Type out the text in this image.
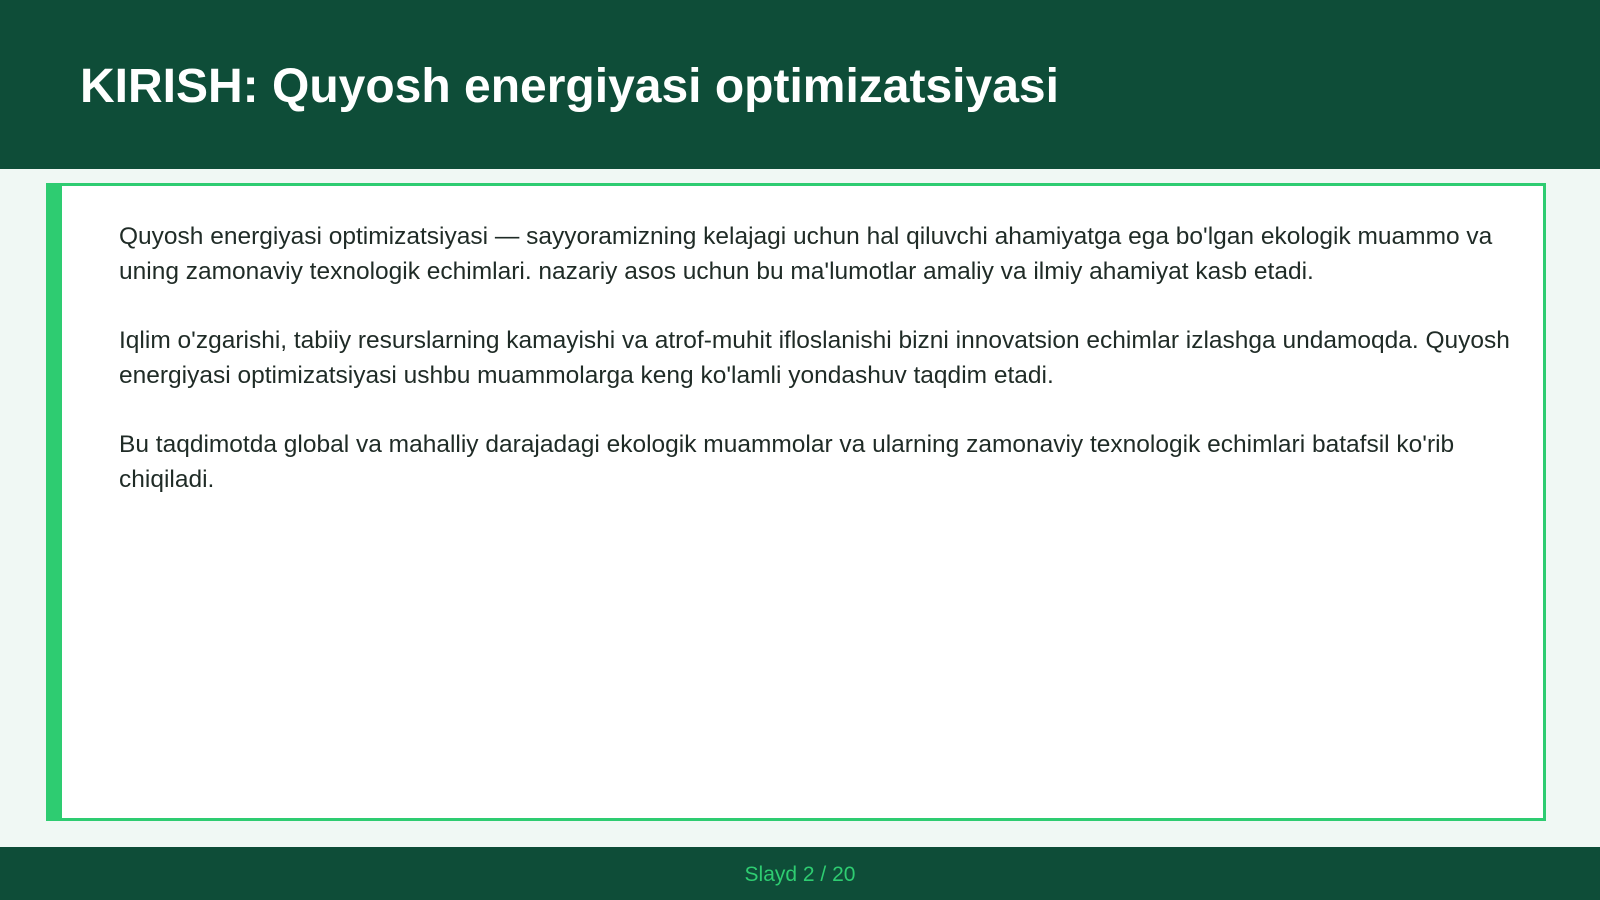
KIRISH: Quyosh energiyasi optimizatsiyasi

Quyosh energiyasi optimizatsiyasi — sayyoramizning kelajagi uchun hal qiluvchi ahamiyatga ega bo'lgan ekologik muammo va uning zamonaviy texnologik echimlari. nazariy asos uchun bu ma'lumotlar amaliy va ilmiy ahamiyat kasb etadi.

Iqlim o'zgarishi, tabiiy resurslarning kamayishi va atrof-muhit ifloslanishi bizni innovatsion echimlar izlashga undamoqda. Quyosh energiyasi optimizatsiyasi ushbu muammolarga keng ko'lamli yondashuv taqdim etadi.

Bu taqdimotda global va mahalliy darajadagi ekologik muammolar va ularning zamonaviy texnologik echimlari batafsil ko'rib chiqiladi.

Slayd 2 / 20
